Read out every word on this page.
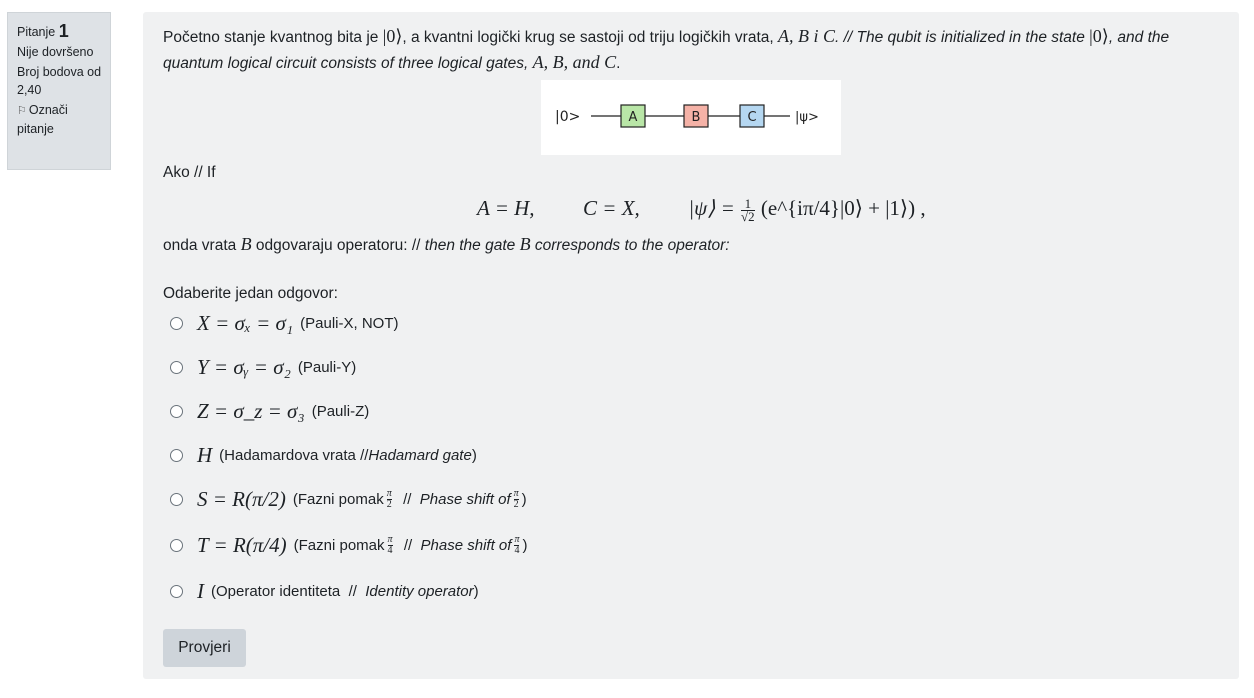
Pitanje 1
Nije dovršeno
Broj bodova od 2,40
⚐ Označi pitanje
Početno stanje kvantnog bita je |0⟩, a kvantni logički krug se sastoji od triju logičkih vrata, A, B i C. // The qubit is initialized in the state |0⟩, and the quantum logical circuit consists of three logical gates, A, B, and C.
|0>	A	B	C	|ψ>
Ako // If
A = H, C = X, |ψ⟩ = $\frac{1}{√2}$ (e^{iπ/4}|0⟩ + |1⟩) ,
onda vrata B odgovaraju operatoru: // then the gate B corresponds to the operator:
Odaberite jedan odgovor:
X = σₓ = σ₁ (Pauli-X, NOT)
Y = σᵧ = σ₂ (Pauli-Y)
Z = σ_z = σ₃ (Pauli-Z)
H (Hadamardova vrata // Hadamard gate )
S = R(π/2) (Fazni pomak $\frac{\pi}{2}$ // Phase shift of $\frac{\pi}{2}$ )
T = R(π/4) (Fazni pomak $\frac{\pi}{4}$ // Phase shift of $\frac{\pi}{4}$ )
I (Operator identiteta  // Identity operator )
Provjeri
